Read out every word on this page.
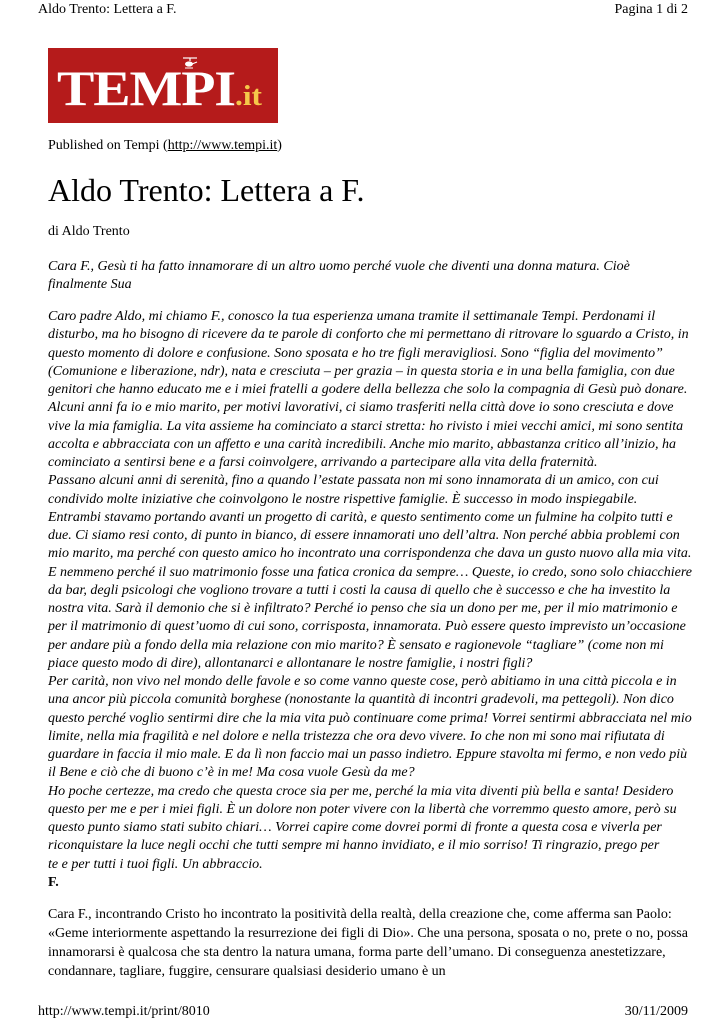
Aldo Trento: Lettera a F.	Pagina 1 di 2
TEMPI.it
Published on Tempi (http://www.tempi.it)
Aldo Trento: Lettera a F.
di Aldo Trento

Cara F., Gesù ti ha fatto innamorare di un altro uomo perché vuole che diventi una donna matura. Cioè finalmente Sua

Caro padre Aldo, mi chiamo F., conosco la tua esperienza umana tramite il settimanale Tempi. Perdonami il disturbo, ma ho bisogno di ricevere da te parole di conforto che mi permettano di ritrovare lo sguardo a Cristo, in questo momento di dolore e confusione. Sono sposata e ho tre figli meravigliosi. Sono “figlia del movimento” (Comunione e liberazione, ndr), nata e cresciuta – per grazia – in questa storia e in una bella famiglia, con due genitori che hanno educato me e i miei fratelli a godere della bellezza che solo la compagnia di Gesù può donare. Alcuni anni fa io e mio marito, per motivi lavorativi, ci siamo trasferiti nella città dove io sono cresciuta e dove vive la mia famiglia. La vita assieme ha cominciato a starci stretta: ho rivisto i miei vecchi amici, mi sono sentita accolta e abbracciata con un affetto e una carità incredibili. Anche mio marito, abbastanza critico all’inizio, ha cominciato a sentirsi bene e a farsi coinvolgere, arrivando a partecipare alla vita della fraternità.
Passano alcuni anni di serenità, fino a quando l’estate passata non mi sono innamorata di un amico, con cui condivido molte iniziative che coinvolgono le nostre rispettive famiglie. È successo in modo inspiegabile. Entrambi stavamo portando avanti un progetto di carità, e questo sentimento come un fulmine ha colpito tutti e due. Ci siamo resi conto, di punto in bianco, di essere innamorati uno dell’altra. Non perché abbia problemi con mio marito, ma perché con questo amico ho incontrato una corrispondenza che dava un gusto nuovo alla mia vita. E nemmeno perché il suo matrimonio fosse una fatica cronica da sempre… Queste, io credo, sono solo chiacchiere da bar, degli psicologi che vogliono trovare a tutti i costi la causa di quello che è successo e che ha investito la nostra vita. Sarà il demonio che si è infiltrato? Perché io penso che sia un dono per me, per il mio matrimonio e per il matrimonio di quest’uomo di cui sono, corrisposta, innamorata. Può essere questo imprevisto un’occasione per andare più a fondo della mia relazione con mio marito? È sensato e ragionevole “tagliare” (come non mi piace questo modo di dire), allontanarci e allontanare le nostre famiglie, i nostri figli?
Per carità, non vivo nel mondo delle favole e so come vanno queste cose, però abitiamo in una città piccola e in una ancor più piccola comunità borghese (nonostante la quantità di incontri gradevoli, ma pettegoli). Non dico questo perché voglio sentirmi dire che la mia vita può continuare come prima! Vorrei sentirmi abbracciata nel mio limite, nella mia fragilità e nel dolore e nella tristezza che ora devo vivere. Io che non mi sono mai rifiutata di guardare in faccia il mio male. E da lì non faccio mai un passo indietro. Eppure stavolta mi fermo, e non vedo più il Bene e ciò che di buono c’è in me! Ma cosa vuole Gesù da me?
Ho poche certezze, ma credo che questa croce sia per me, perché la mia vita diventi più bella e santa! Desidero questo per me e per i miei figli. È un dolore non poter vivere con la libertà che vorremmo questo amore, però su questo punto siamo stati subito chiari… Vorrei capire come dovrei pormi di fronte a questa cosa e viverla per riconquistare la luce negli occhi che tutti sempre mi hanno invidiato, e il mio sorriso! Ti ringrazio, prego per
te e per tutti i tuoi figli. Un abbraccio.
F.

Cara F., incontrando Cristo ho incontrato la positività della realtà, della creazione che, come afferma san Paolo: «Geme interiormente aspettando la resurrezione dei figli di Dio». Che una persona, sposata o no, prete o no, possa innamorarsi è qualcosa che sta dentro la natura umana, forma parte dell’umano. Di conseguenza anestetizzare, condannare, tagliare, fuggire, censurare qualsiasi desiderio umano è un

http://www.tempi.it/print/8010	30/11/2009
